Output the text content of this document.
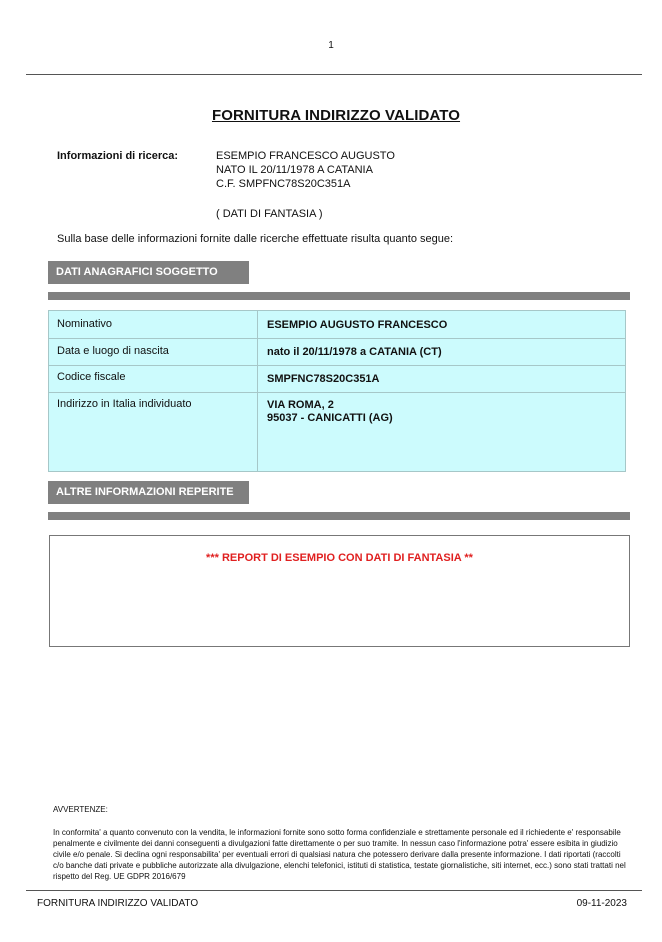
1
FORNITURA INDIRIZZO VALIDATO
Informazioni di ricerca:	ESEMPIO FRANCESCO AUGUSTO
NATO IL 20/11/1978 A CATANIA
C.F. SMPFNC78S20C351A
( DATI DI FANTASIA )
Sulla base delle informazioni fornite dalle ricerche effettuate risulta quanto segue:
DATI ANAGRAFICI SOGGETTO
Nominativo	ESEMPIO AUGUSTO FRANCESCO
Data e luogo di nascita	nato il 20/11/1978 a CATANIA (CT)
Codice fiscale	SMPFNC78S20C351A
Indirizzo in Italia individuato	VIA ROMA, 2
95037 - CANICATTI (AG)
ALTRE INFORMAZIONI REPERITE
*** REPORT DI ESEMPIO CON DATI DI FANTASIA **
AVVERTENZE:
In conformita' a quanto convenuto con la vendita, le informazioni fornite sono sotto forma confidenziale e strettamente personale ed il richiedente e' responsabile penalmente e civilmente dei danni conseguenti a divulgazioni fatte direttamente o per suo tramite. In nessun caso l'informazione potra' essere esibita in giudizio civile e/o penale. Si declina ogni responsabilita' per eventuali errori di qualsiasi natura che potessero derivare dalla presente informazione. I dati riportati (raccolti c/o banche dati private e pubbliche autorizzate alla divulgazione, elenchi telefonici, istituti di statistica, testate giornalistiche, siti internet, ecc.) sono stati trattati nel rispetto del Reg. UE GDPR 2016/679
FORNITURA INDIRIZZO VALIDATO	09-11-2023
